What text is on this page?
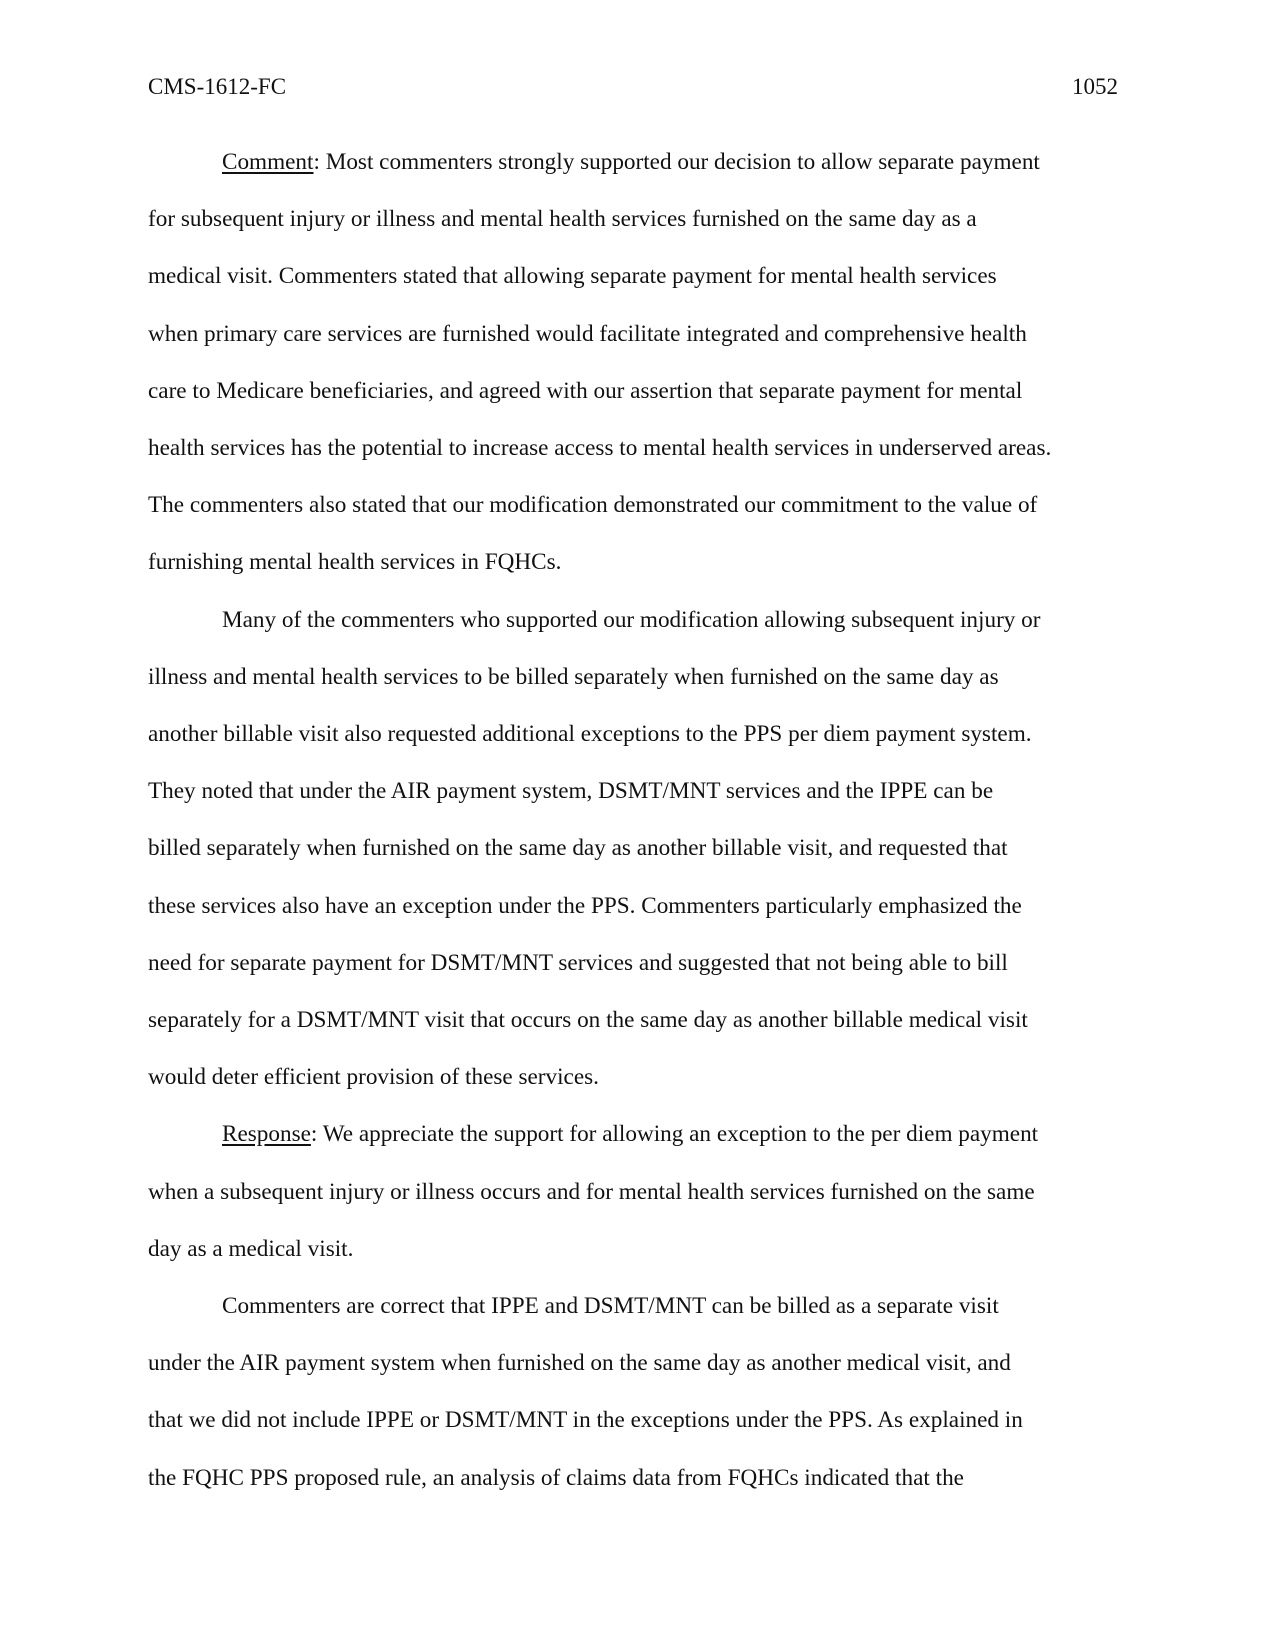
CMS-1612-FC	1052
Comment: Most commenters strongly supported our decision to allow separate payment
for subsequent injury or illness and mental health services furnished on the same day as a
medical visit. Commenters stated that allowing separate payment for mental health services
when primary care services are furnished would facilitate integrated and comprehensive health
care to Medicare beneficiaries, and agreed with our assertion that separate payment for mental
health services has the potential to increase access to mental health services in underserved areas.
The commenters also stated that our modification demonstrated our commitment to the value of
furnishing mental health services in FQHCs.
Many of the commenters who supported our modification allowing subsequent injury or
illness and mental health services to be billed separately when furnished on the same day as
another billable visit also requested additional exceptions to the PPS per diem payment system.
They noted that under the AIR payment system, DSMT/MNT services and the IPPE can be
billed separately when furnished on the same day as another billable visit, and requested that
these services also have an exception under the PPS. Commenters particularly emphasized the
need for separate payment for DSMT/MNT services and suggested that not being able to bill
separately for a DSMT/MNT visit that occurs on the same day as another billable medical visit
would deter efficient provision of these services.
Response: We appreciate the support for allowing an exception to the per diem payment
when a subsequent injury or illness occurs and for mental health services furnished on the same
day as a medical visit.
Commenters are correct that IPPE and DSMT/MNT can be billed as a separate visit
under the AIR payment system when furnished on the same day as another medical visit, and
that we did not include IPPE or DSMT/MNT in the exceptions under the PPS. As explained in
the FQHC PPS proposed rule, an analysis of claims data from FQHCs indicated that the
